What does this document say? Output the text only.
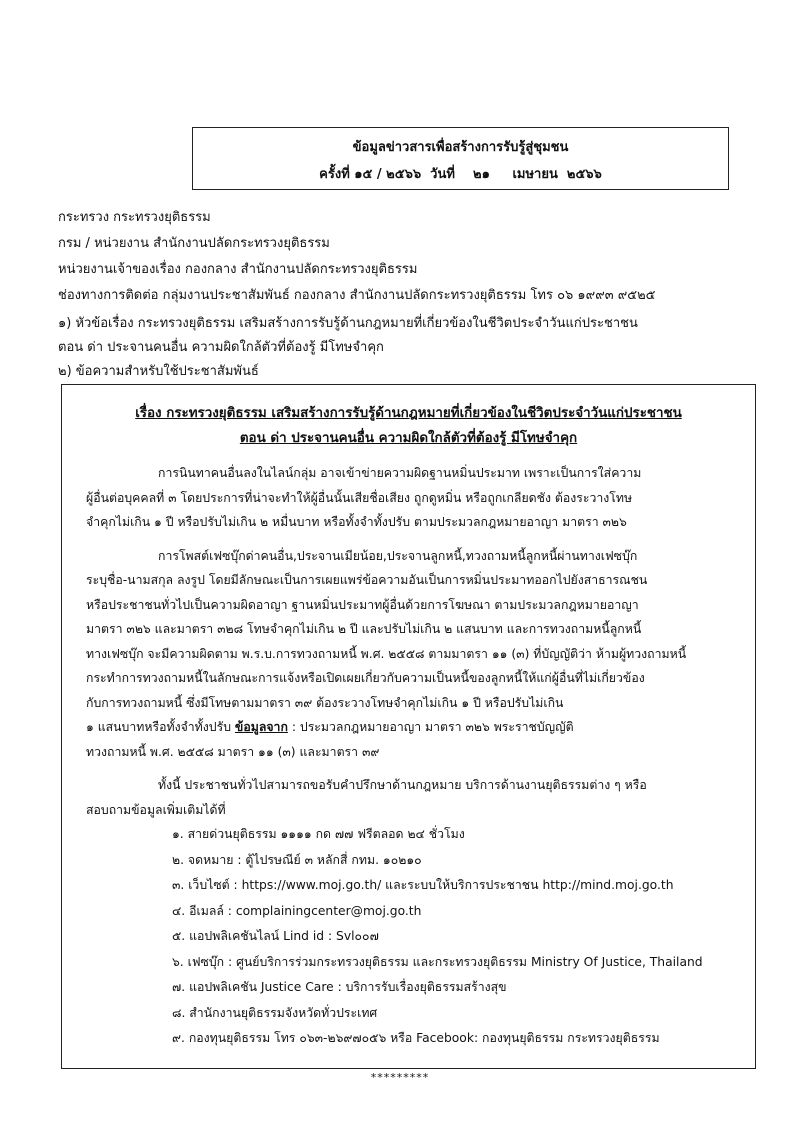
ข้อมูลข่าวสารเพื่อสร้างการรับรู้สู่ชุมชน
ครั้งที่ ๑๕ / ๒๕๖๖  วันที่    ๒๑     เมษายน  ๒๕๖๖
กระทรวง กระทรวงยุติธรรม
กรม / หน่วยงาน สำนักงานปลัดกระทรวงยุติธรรม
หน่วยงานเจ้าของเรื่อง กองกลาง สำนักงานปลัดกระทรวงยุติธรรม
ช่องทางการติดต่อ กลุ่มงานประชาสัมพันธ์ กองกลาง สำนักงานปลัดกระทรวงยุติธรรม โทร ๐๖ ๑๙๙๓ ๙๕๒๕
๑) หัวข้อเรื่อง กระทรวงยุติธรรม เสริมสร้างการรับรู้ด้านกฎหมายที่เกี่ยวข้องในชีวิตประจำวันแก่ประชาชน
ตอน ด่า ประจานคนอื่น ความผิดใกล้ตัวที่ต้องรู้ มีโทษจำคุก
๒) ข้อความสำหรับใช้ประชาสัมพันธ์
เรื่อง กระทรวงยุติธรรม เสริมสร้างการรับรู้ด้านกฎหมายที่เกี่ยวข้องในชีวิตประจำวันแก่ประชาชน
ตอน ด่า ประจานคนอื่น ความผิดใกล้ตัวที่ต้องรู้ มีโทษจำคุก
การนินทาคนอื่นลงในไลน์กลุ่ม อาจเข้าข่ายความผิดฐานหมิ่นประมาท เพราะเป็นการใส่ความ
ผู้อื่นต่อบุคคลที่ ๓ โดยประการที่น่าจะทำให้ผู้อื่นนั้นเสียชื่อเสียง ถูกดูหมิ่น หรือถูกเกลียดชัง ต้องระวางโทษ
จำคุกไม่เกิน ๑ ปี หรือปรับไม่เกิน ๒ หมื่นบาท หรือทั้งจำทั้งปรับ ตามประมวลกฎหมายอาญา มาตรา ๓๒๖
การโพสต์เฟซบุ๊กด่าคนอื่น,ประจานเมียน้อย,ประจานลูกหนี้,ทวงถามหนี้ลูกหนี้ผ่านทางเฟซบุ๊ก
ระบุชื่อ-นามสกุล ลงรูป โดยมีลักษณะเป็นการเผยแพร่ข้อความอันเป็นการหมิ่นประมาทออกไปยังสาธารณชน
หรือประชาชนทั่วไปเป็นความผิดอาญา ฐานหมิ่นประมาทผู้อื่นด้วยการโฆษณา ตามประมวลกฎหมายอาญา
มาตรา ๓๒๖ และมาตรา ๓๒๘ โทษจำคุกไม่เกิน ๒ ปี และปรับไม่เกิน ๒ แสนบาท และการทวงถามหนี้ลูกหนี้
ทางเฟซบุ๊ก จะมีความผิดตาม พ.ร.บ.การทวงถามหนี้ พ.ศ. ๒๕๕๘ ตามมาตรา ๑๑ (๓) ที่บัญญัติว่า ห้ามผู้ทวงถามหนี้
กระทำการทวงถามหนี้ในลักษณะการแจ้งหรือเปิดเผยเกี่ยวกับความเป็นหนี้ของลูกหนี้ให้แก่ผู้อื่นที่ไม่เกี่ยวข้อง
กับการทวงถามหนี้ ซึ่งมีโทษตามมาตรา ๓๙ ต้องระวางโทษจำคุกไม่เกิน ๑ ปี หรือปรับไม่เกิน
๑ แสนบาทหรือทั้งจำทั้งปรับ ข้อมูลจาก : ประมวลกฎหมายอาญา มาตรา ๓๒๖ พระราชบัญญัติ
ทวงถามหนี้ พ.ศ. ๒๕๕๘ มาตรา ๑๑ (๓) และมาตรา ๓๙
ทั้งนี้ ประชาชนทั่วไปสามารถขอรับคำปรึกษาด้านกฎหมาย บริการด้านงานยุติธรรมต่าง ๆ หรือ
สอบถามข้อมูลเพิ่มเติมได้ที่
๑. สายด่วนยุติธรรม ๑๑๑๑ กด ๗๗ ฟรีตลอด ๒๔ ชั่วโมง
๒. จดหมาย : ตู้ไปรษณีย์ ๓ หลักสี่ กทม. ๑๐๒๑๐
๓. เว็บไซต์ : https://www.moj.go.th/ และระบบให้บริการประชาชน http://mind.moj.go.th
๔. อีเมลล์ : complainingcenter@moj.go.th
๕. แอปพลิเคชันไลน์ Lind id : Svl๐๐๗
๖. เฟซบุ๊ก : ศูนย์บริการร่วมกระทรวงยุติธรรม และกระทรวงยุติธรรม Ministry Of Justice, Thailand
๗. แอปพลิเคชัน Justice Care : บริการรับเรื่องยุติธรรมสร้างสุข
๘. สำนักงานยุติธรรมจังหวัดทั่วประเทศ
๙. กองทุนยุติธรรม โทร ๐๖๓-๒๖๙๗๐๕๖ หรือ Facebook: กองทุนยุติธรรม กระทรวงยุติธรรม
*********
